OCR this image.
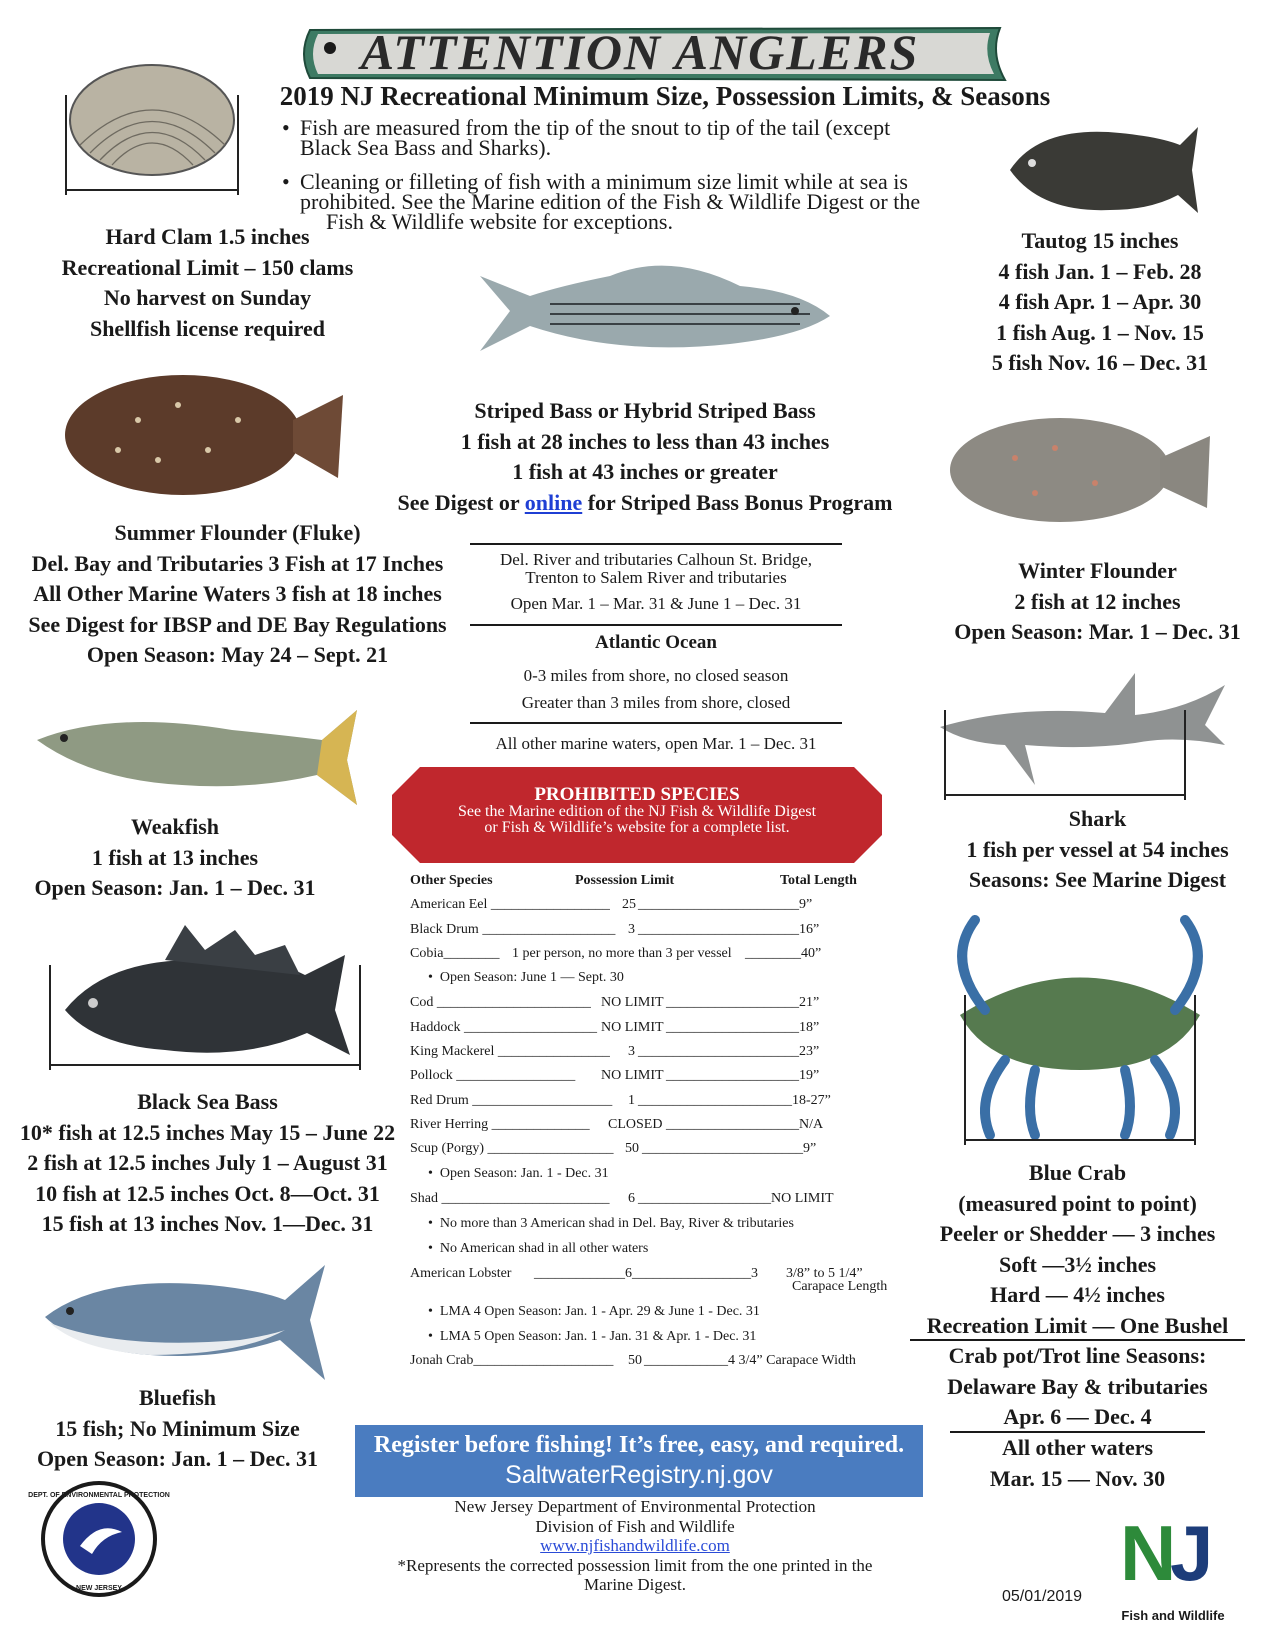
ATTENTION ANGLERS
2019 NJ Recreational Minimum Size, Possession Limits, & Seasons
• Fish are measured from the tip of the snout to tip of the tail (except
Black Sea Bass and Sharks).
• Cleaning or filleting of fish with a minimum size limit while at sea is
prohibited. See the Marine edition of the Fish & Wildlife Digest or the
Fish & Wildlife website for exceptions.
Hard Clam 1.5 inches
Recreational Limit – 150 clams
No harvest on Sunday
Shellfish license required
Summer Flounder (Fluke)
Del. Bay and Tributaries 3 Fish at 17 Inches
All Other Marine Waters 3 fish at 18 inches
See Digest for IBSP and DE Bay Regulations
Open Season: May 24 – Sept. 21
Weakfish
1 fish at 13 inches
Open Season: Jan. 1 – Dec. 31
Black Sea Bass
10* fish at 12.5 inches May 15 – June 22
2 fish at 12.5 inches July 1 – August 31
10 fish at 12.5 inches Oct. 8—Oct. 31
15 fish at 13 inches Nov. 1—Dec. 31
Bluefish
15 fish; No Minimum Size
Open Season: Jan. 1 – Dec. 31
Striped Bass or Hybrid Striped Bass
1 fish at 28 inches to less than 43 inches
1 fish at 43 inches or greater
See Digest or online for Striped Bass Bonus Program
Del. River and tributaries Calhoun St. Bridge,
Trenton to Salem River and tributaries
Open Mar. 1 – Mar. 31 & June 1 – Dec. 31
Atlantic Ocean
0-3 miles from shore, no closed season
Greater than 3 miles from shore, closed
All other marine waters, open Mar. 1 – Dec. 31
PROHIBITED SPECIES
See the Marine edition of the NJ Fish & Wildlife Digest
or Fish & Wildlife’s website for a complete list.
Other Species	Possession Limit	Total Length
American Eel _________________ 25 _______________________9”
Black Drum ___________________ 3 _______________________16”
Cobia________ 1 per person, no more than 3 per vessel ________40”
•  Open Season: June 1 — Sept. 30
Cod ______________________ NO LIMIT ___________________21”
Haddock ___________________ NO LIMIT ___________________18”
King Mackerel ________________ 3 _______________________23”
Pollock _________________ NO LIMIT ___________________19”
Red Drum ____________________ 1 ______________________18-27”
River Herring ______________ CLOSED ___________________N/A
Scup (Porgy) __________________ 50 _______________________9”
•  Open Season: Jan. 1 - Dec. 31
Shad ________________________ 6 ___________________NO LIMIT
•  No more than 3 American shad in Del. Bay, River & tributaries
•  No American shad in all other waters
American Lobster _____________6_________________3 3/8” to 5 1/4”
Carapace Length
•  LMA 4 Open Season: Jan. 1 - Apr. 29 & June 1 - Dec. 31
•  LMA 5 Open Season: Jan. 1 - Jan. 31 & Apr. 1 - Dec. 31
Jonah Crab____________________ 50 ____________4 3/4” Carapace Width
Register before fishing! It’s free, easy, and required.
SaltwaterRegistry.nj.gov
New Jersey Department of Environmental Protection
Division of Fish and Wildlife
www.njfishandwildlife.com
*Represents the corrected possession limit from the one printed in the
Marine Digest.
05/01/2019
DEPT. OF ENVIRONMENTAL PROTECTION
NEW JERSEY	N
J
Fish and Wildlife
Tautog 15 inches
4 fish Jan. 1 – Feb. 28
4 fish Apr. 1 – Apr. 30
1 fish Aug. 1 – Nov. 15
5 fish Nov. 16 – Dec. 31
Winter Flounder
2 fish at 12 inches
Open Season: Mar. 1 – Dec. 31
Shark
1 fish per vessel at 54 inches
Seasons: See Marine Digest
Blue Crab
(measured point to point)
Peeler or Shedder — 3 inches
Soft —3½ inches
Hard — 4½ inches
Recreation Limit — One Bushel
Crab pot/Trot line Seasons:
Delaware Bay & tributaries
Apr. 6 — Dec. 4
All other waters
Mar. 15 — Nov. 30
